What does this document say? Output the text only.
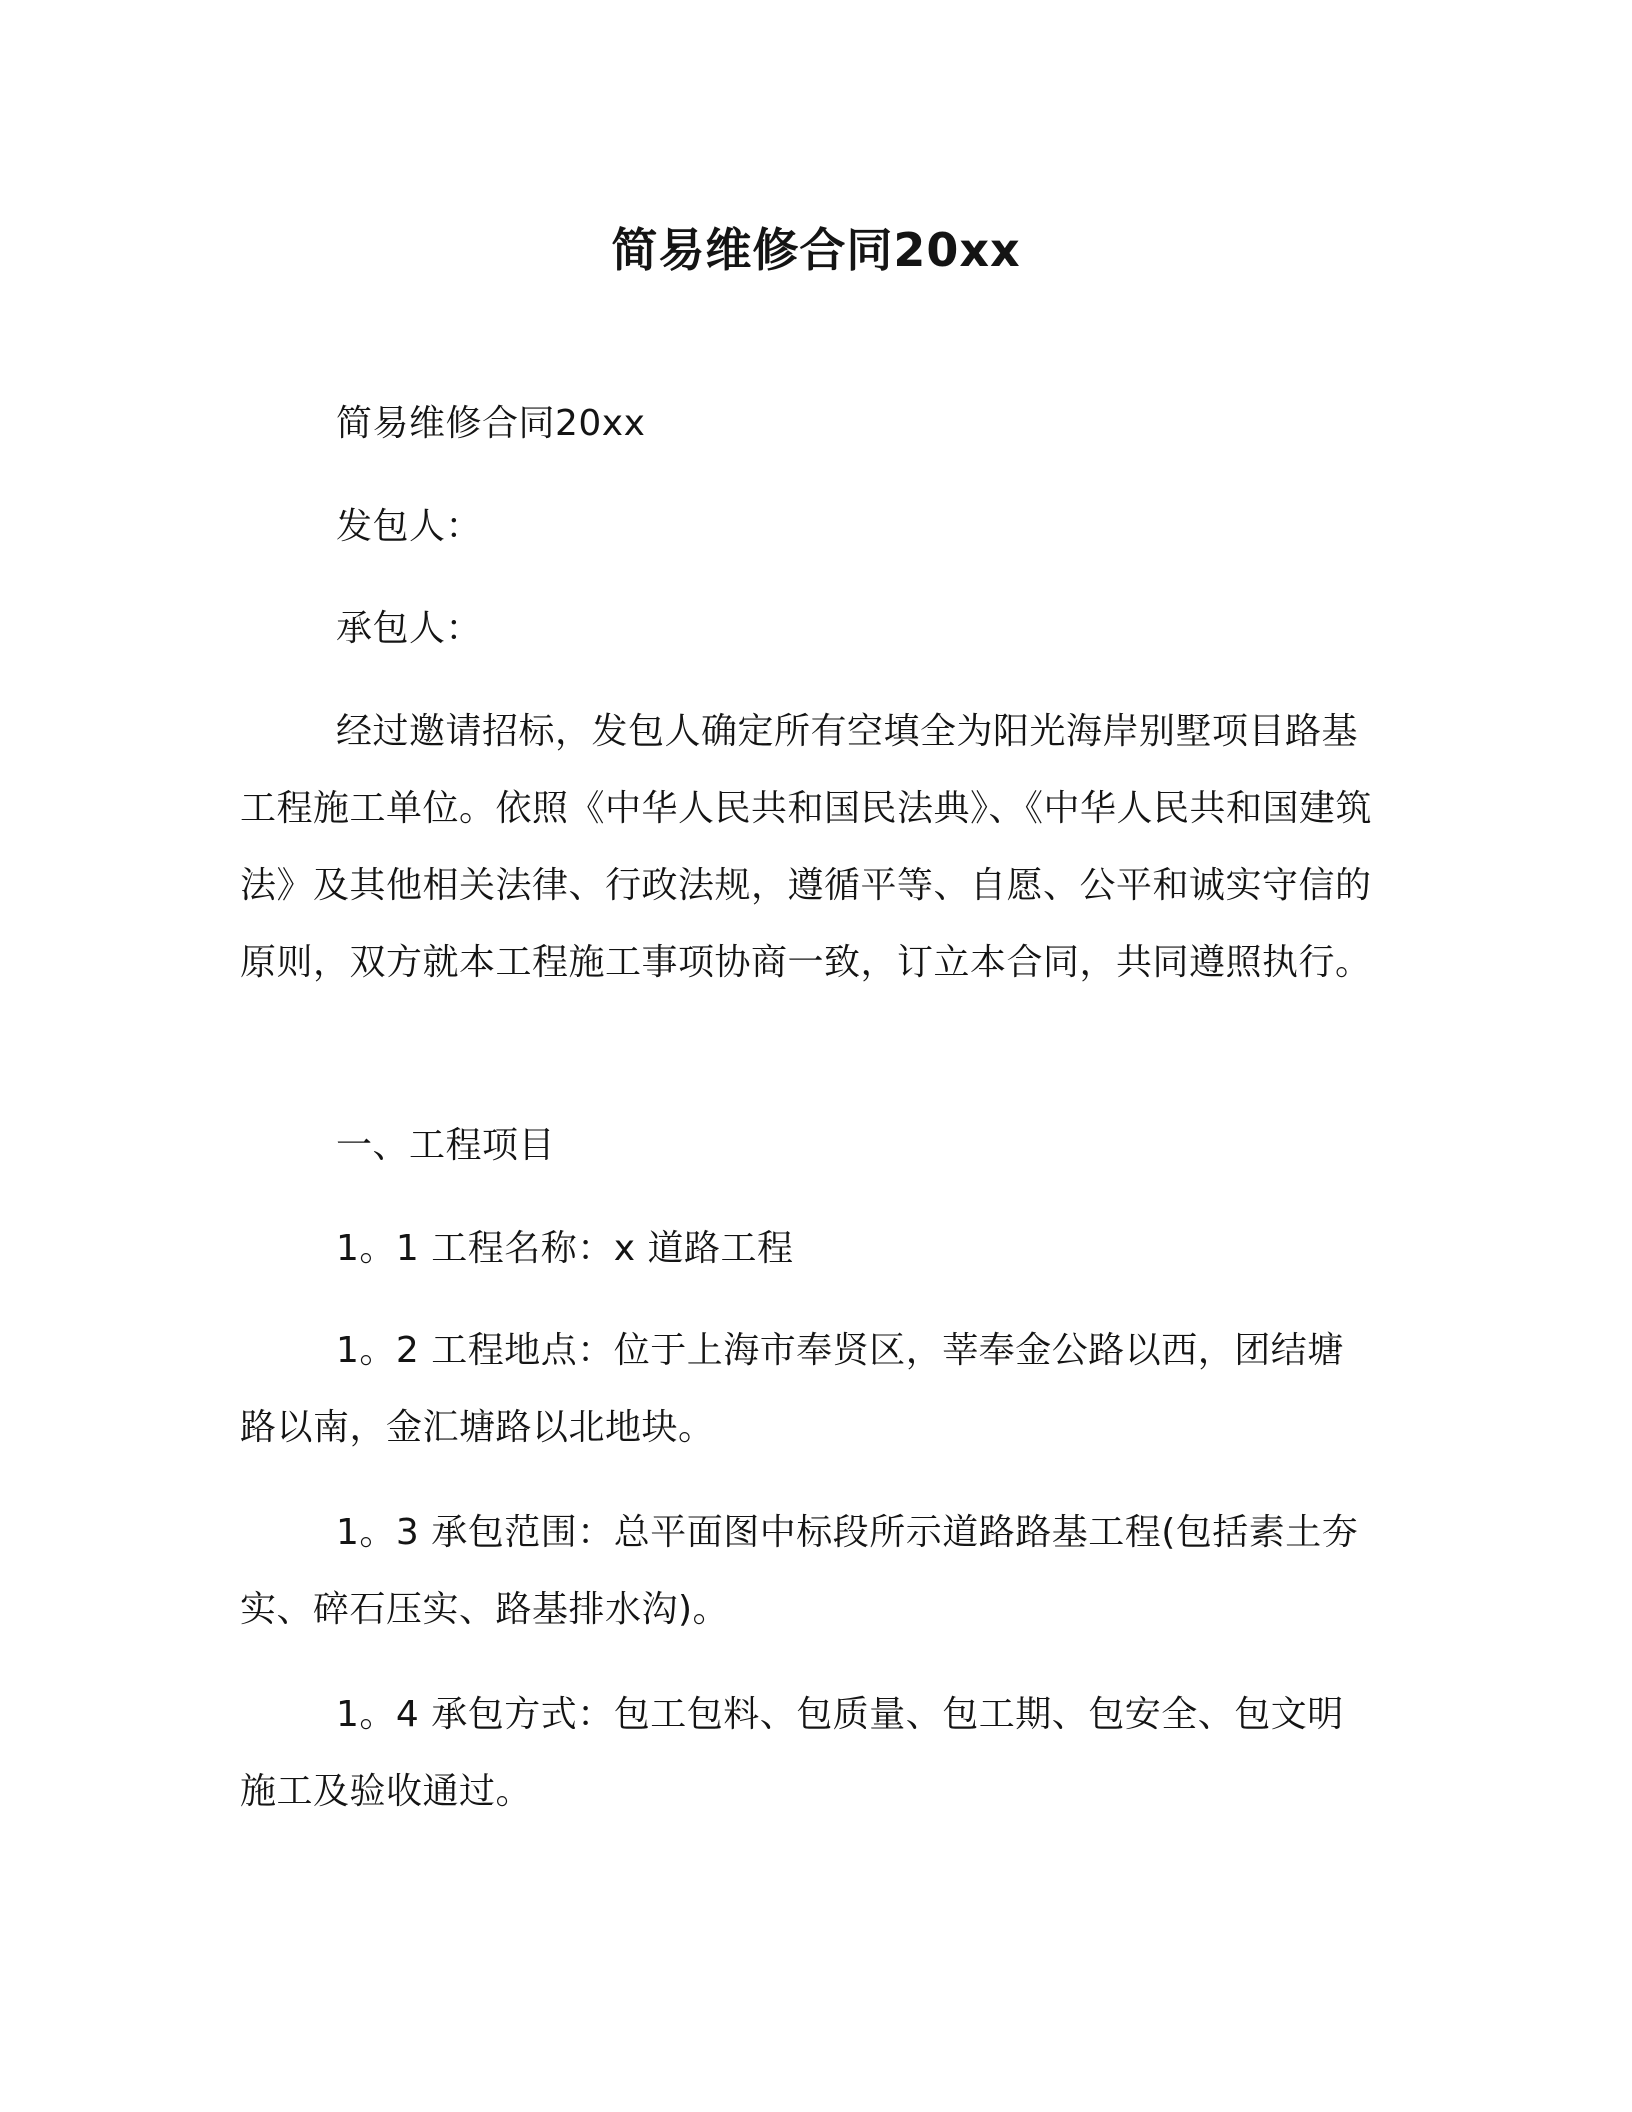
简易维修合同20xx

简易维修合同20xx

发包人：

承包人：

经过邀请招标，发包人确定所有空填全为阳光海岸别墅项目路基工程施工单位。依照《中华人民共和国民法典》、《中华人民共和国建筑法》及其他相关法律、行政法规，遵循平等、自愿、公平和诚实守信的原则，双方就本工程施工事项协商一致，订立本合同，共同遵照执行。

一、工程项目

1。1 工程名称：x 道路工程

1。2 工程地点：位于上海市奉贤区，莘奉金公路以西，团结塘路以南，金汇塘路以北地块。

1。3 承包范围：总平面图中标段所示道路路基工程(包括素土夯实、碎石压实、路基排水沟)。

1。4 承包方式：包工包料、包质量、包工期、包安全、包文明施工及验收通过。
